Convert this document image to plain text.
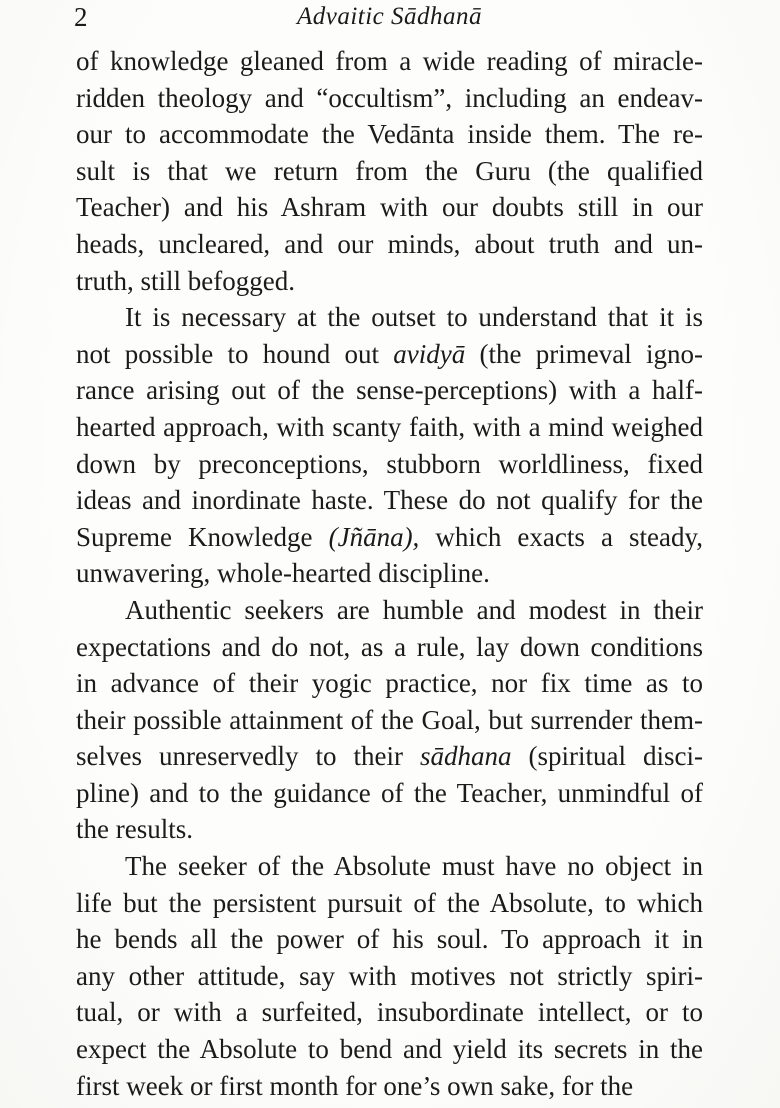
2	Advaitic Sādhanā
of knowledge gleaned from a wide reading of miracle-
ridden theology and “occultism”, including an endeav-
our to accommodate the Vedānta inside them. The re-
sult is that we return from the Guru (the qualified
Teacher) and his Ashram with our doubts still in our
heads, uncleared, and our minds, about truth and un-
truth, still befogged.
It is necessary at the outset to understand that it is
not possible to hound out avidyā (the primeval igno-
rance arising out of the sense-perceptions) with a half-
hearted approach, with scanty faith, with a mind weighed
down by preconceptions, stubborn worldliness, fixed
ideas and inordinate haste. These do not qualify for the
Supreme Knowledge (Jñāna), which exacts a steady,
unwavering, whole-hearted discipline.
Authentic seekers are humble and modest in their
expectations and do not, as a rule, lay down conditions
in advance of their yogic practice, nor fix time as to
their possible attainment of the Goal, but surrender them-
selves unreservedly to their sādhana (spiritual disci-
pline) and to the guidance of the Teacher, unmindful of
the results.
The seeker of the Absolute must have no object in
life but the persistent pursuit of the Absolute, to which
he bends all the power of his soul. To approach it in
any other attitude, say with motives not strictly spiri-
tual, or with a surfeited, insubordinate intellect, or to
expect the Absolute to bend and yield its secrets in the
first week or first month for one’s own sake, for the
